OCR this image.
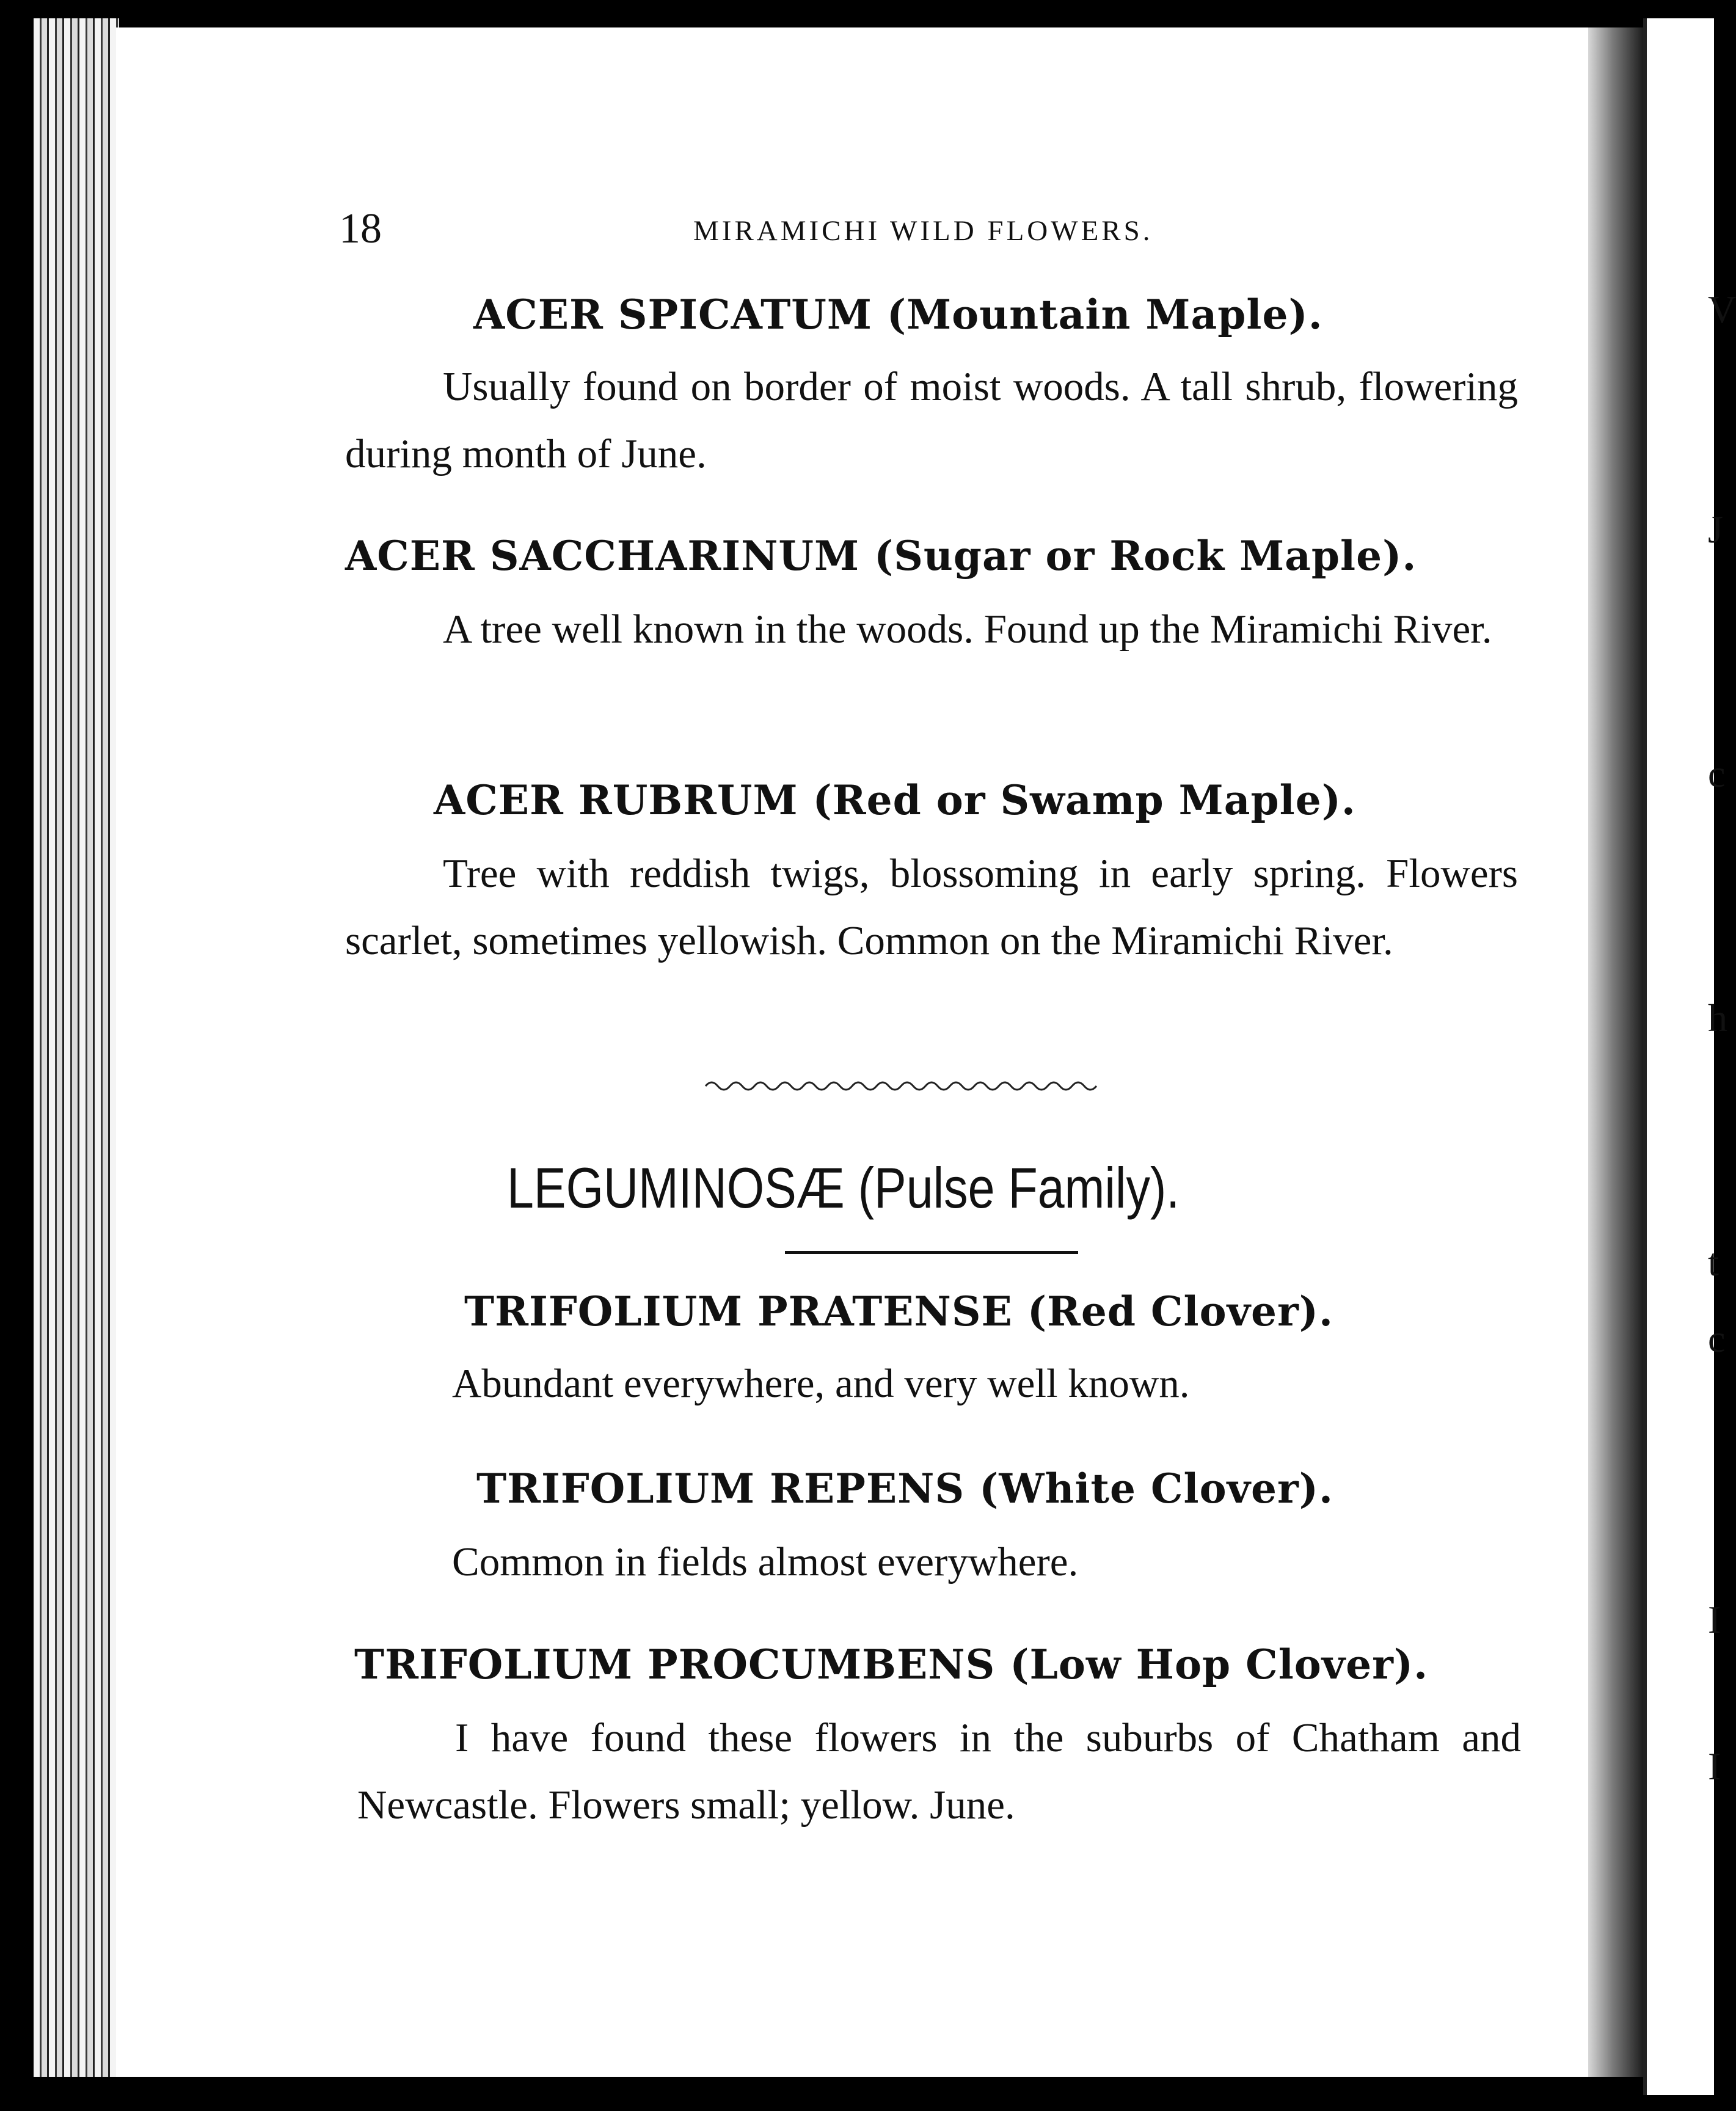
V
J
c
h
t
c
I
I
18	MIRAMICHI WILD FLOWERS.
ACER SPICATUM (Mountain Maple).
Usually found on border of moist woods. A tall shrub, flowering during month of June.
ACER SACCHARINUM (Sugar or Rock Maple).
A tree well known in the woods. Found up the Miramichi River.
ACER RUBRUM (Red or Swamp Maple).
Tree with reddish twigs, blossoming in early spring. Flowers scarlet, sometimes yellowish. Common on the Miramichi River.
LEGUMINOSÆ (Pulse Family).
TRIFOLIUM PRATENSE (Red Clover).
Abundant everywhere, and very well known.
TRIFOLIUM REPENS (White Clover).
Common in fields almost everywhere.
TRIFOLIUM PROCUMBENS (Low Hop Clover).
I have found these flowers in the suburbs of Chatham and Newcastle. Flowers small; yellow. June.
